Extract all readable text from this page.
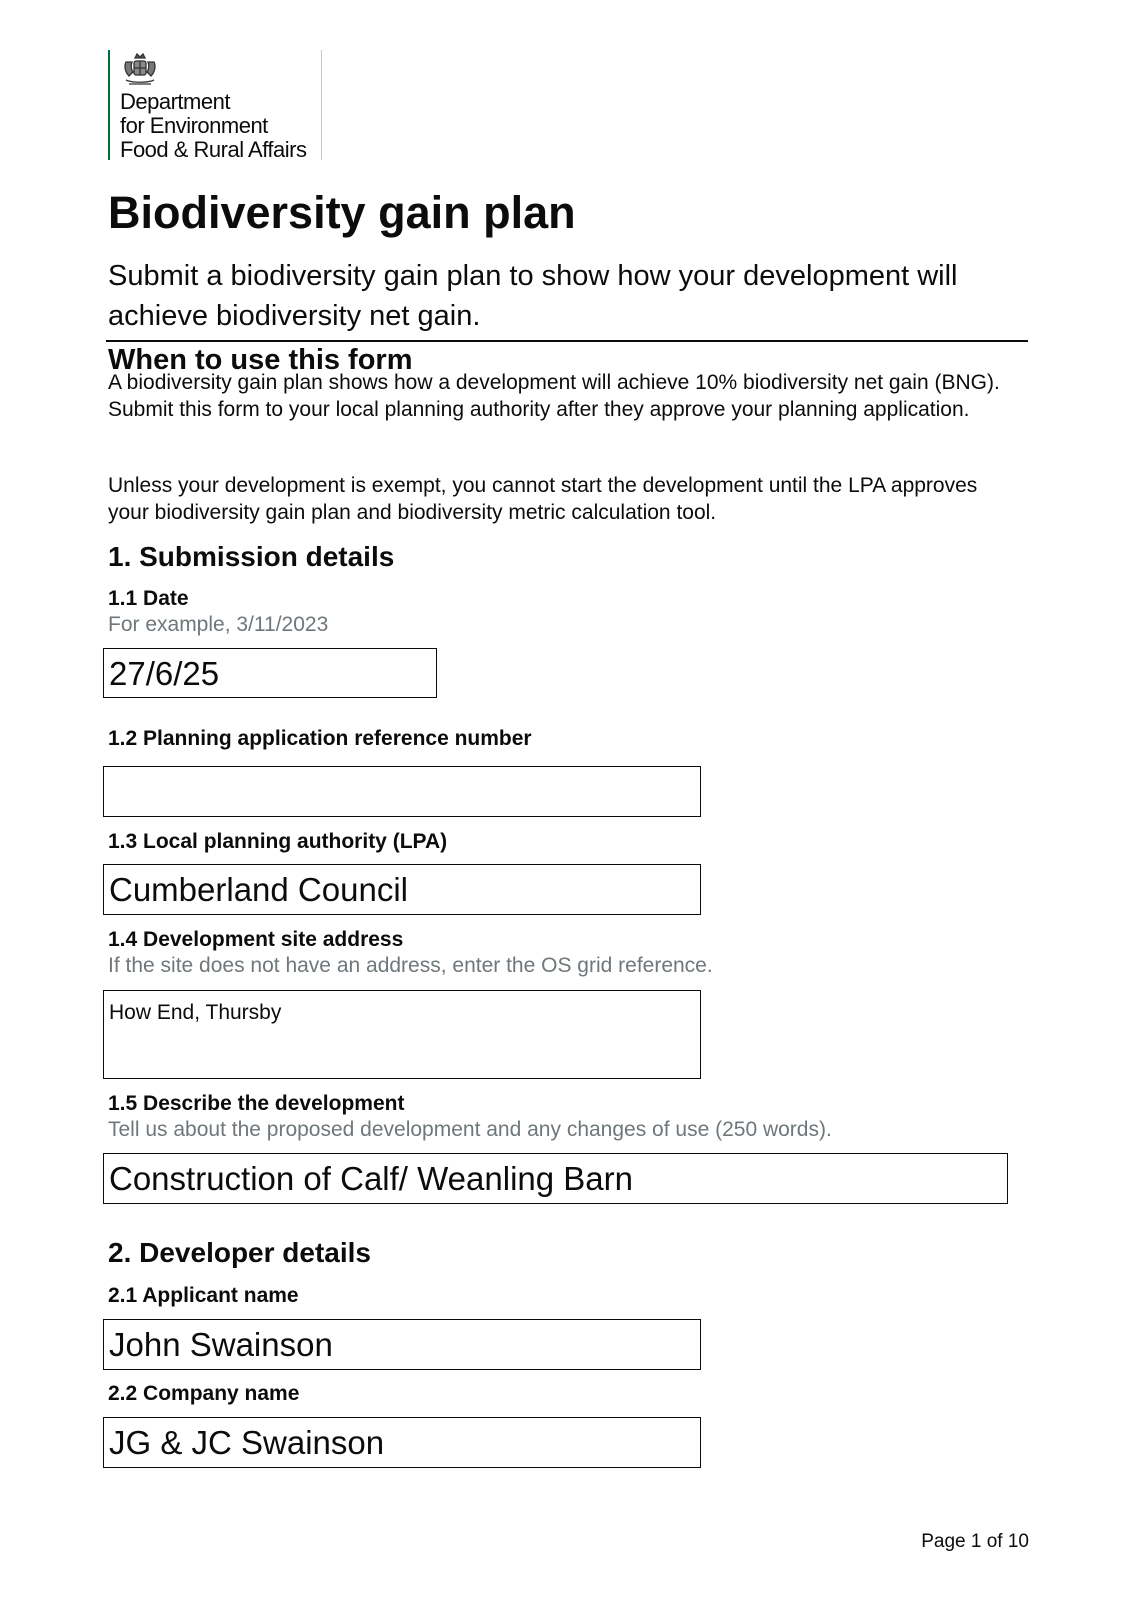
Department
for Environment
Food & Rural Affairs
Biodiversity gain plan
Submit a biodiversity gain plan to show how your development will achieve biodiversity net gain.
When to use this form
A biodiversity gain plan shows how a development will achieve 10% biodiversity net gain (BNG). Submit this form to your local planning authority after they approve your planning application.
Unless your development is exempt, you cannot start the development until the LPA approves your biodiversity gain plan and biodiversity metric calculation tool.
1. Submission details
1.1 Date
For example, 3/11/2023
27/6/25
1.2 Planning application reference number
1.3 Local planning authority (LPA)
Cumberland Council
1.4 Development site address
If the site does not have an address, enter the OS grid reference.
How End, Thursby
1.5 Describe the development
Tell us about the proposed development and any changes of use (250 words).
Construction of Calf/ Weanling Barn
2. Developer details
2.1 Applicant name
John Swainson
2.2 Company name
JG & JC Swainson
Page 1 of 10
